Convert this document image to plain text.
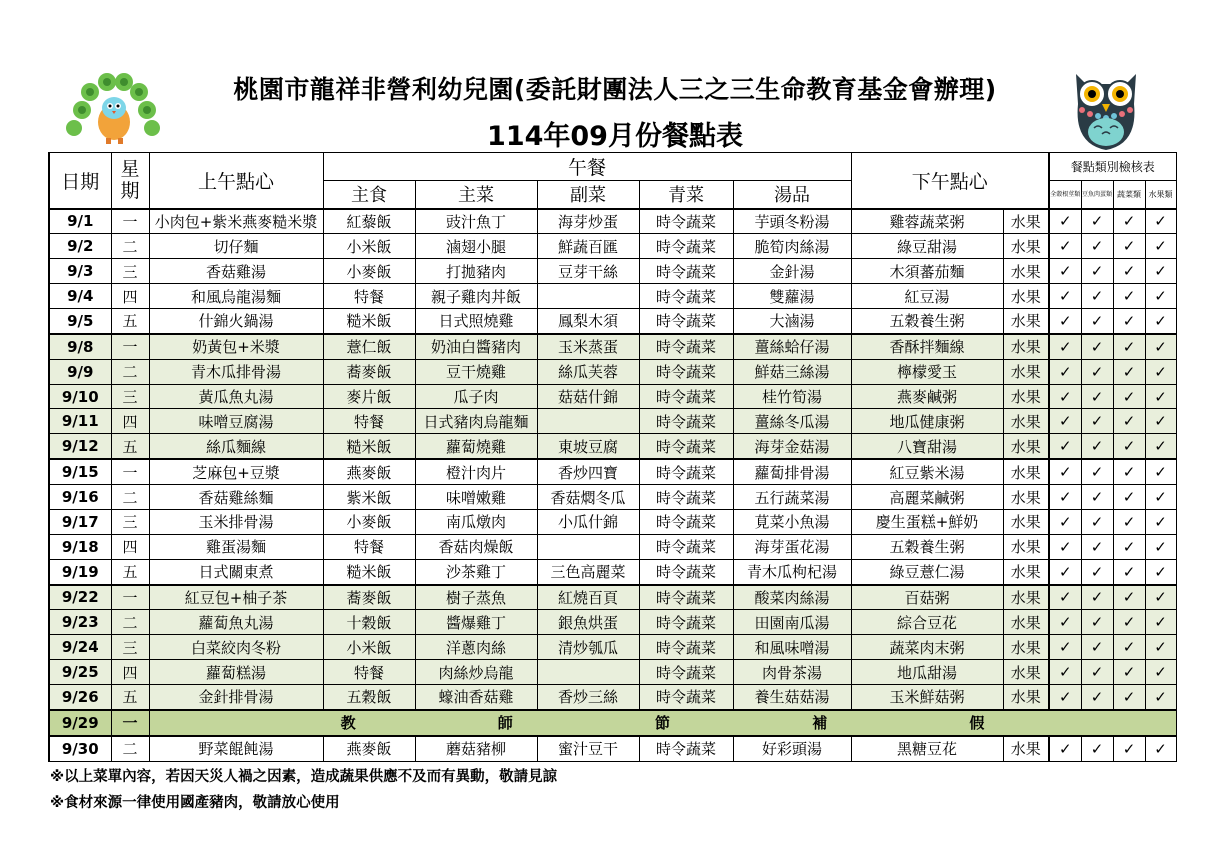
桃園市龍祥非營利幼兒園(委託財團法人三之三生命教育基金會辦理)
114年09月份餐點表
日期	星期	上午點心	午餐					下午點心		餐點類別檢核表			
			主食	主菜	副菜	青菜	湯品			全穀根莖類	豆魚肉蛋類	蔬菜類	水果類
9/1	一	小肉包+紫米燕麥糙米漿	紅藜飯	豉汁魚丁	海芽炒蛋	時令蔬菜	芋頭冬粉湯	雞蓉蔬菜粥	水果	✓	✓	✓	✓
9/2	二	切仔麵	小米飯	滷翅小腿	鮮蔬百匯	時令蔬菜	脆筍肉絲湯	綠豆甜湯	水果	✓	✓	✓	✓
9/3	三	香菇雞湯	小麥飯	打拋豬肉	豆芽干絲	時令蔬菜	金針湯	木須蕃茄麵	水果	✓	✓	✓	✓
9/4	四	和風烏龍湯麵	特餐	親子雞肉丼飯		時令蔬菜	雙蘿湯	紅豆湯	水果	✓	✓	✓	✓
9/5	五	什錦火鍋湯	糙米飯	日式照燒雞	鳳梨木須	時令蔬菜	大滷湯	五穀養生粥	水果	✓	✓	✓	✓
9/8	一	奶黃包+米漿	薏仁飯	奶油白醬豬肉	玉米蒸蛋	時令蔬菜	薑絲蛤仔湯	香酥拌麵線	水果	✓	✓	✓	✓
9/9	二	青木瓜排骨湯	蕎麥飯	豆干燒雞	絲瓜芙蓉	時令蔬菜	鮮菇三絲湯	檸檬愛玉	水果	✓	✓	✓	✓
9/10	三	黃瓜魚丸湯	麥片飯	瓜子肉	菇菇什錦	時令蔬菜	桂竹筍湯	燕麥鹹粥	水果	✓	✓	✓	✓
9/11	四	味噌豆腐湯	特餐	日式豬肉烏龍麵		時令蔬菜	薑絲冬瓜湯	地瓜健康粥	水果	✓	✓	✓	✓
9/12	五	絲瓜麵線	糙米飯	蘿蔔燒雞	東坡豆腐	時令蔬菜	海芽金菇湯	八寶甜湯	水果	✓	✓	✓	✓
9/15	一	芝麻包+豆漿	燕麥飯	橙汁肉片	香炒四寶	時令蔬菜	蘿蔔排骨湯	紅豆紫米湯	水果	✓	✓	✓	✓
9/16	二	香菇雞絲麵	紫米飯	味噌嫩雞	香菇燜冬瓜	時令蔬菜	五行蔬菜湯	高麗菜鹹粥	水果	✓	✓	✓	✓
9/17	三	玉米排骨湯	小麥飯	南瓜燉肉	小瓜什錦	時令蔬菜	莧菜小魚湯	慶生蛋糕+鮮奶	水果	✓	✓	✓	✓
9/18	四	雞蛋湯麵	特餐	香菇肉燥飯		時令蔬菜	海芽蛋花湯	五穀養生粥	水果	✓	✓	✓	✓
9/19	五	日式關東煮	糙米飯	沙茶雞丁	三色高麗菜	時令蔬菜	青木瓜枸杞湯	綠豆薏仁湯	水果	✓	✓	✓	✓
9/22	一	紅豆包+柚子茶	蕎麥飯	樹子蒸魚	紅燒百頁	時令蔬菜	酸菜肉絲湯	百菇粥	水果	✓	✓	✓	✓
9/23	二	蘿蔔魚丸湯	十穀飯	醬爆雞丁	銀魚烘蛋	時令蔬菜	田園南瓜湯	綜合豆花	水果	✓	✓	✓	✓
9/24	三	白菜絞肉冬粉	小米飯	洋蔥肉絲	清炒瓠瓜	時令蔬菜	和風味噌湯	蔬菜肉末粥	水果	✓	✓	✓	✓
9/25	四	蘿蔔糕湯	特餐	肉絲炒烏龍		時令蔬菜	肉骨茶湯	地瓜甜湯	水果	✓	✓	✓	✓
9/26	五	金針排骨湯	五穀飯	蠔油香菇雞	香炒三絲	時令蔬菜	養生菇菇湯	玉米鮮菇粥	水果	✓	✓	✓	✓
9/29	一	教 師 節 補 假											

9/30	二	野菜餛飩湯	燕麥飯	蘑菇豬柳	蜜汁豆干	時令蔬菜	好彩頭湯	黑糖豆花	水果	✓	✓	✓	✓
※以上菜單內容，若因天災人禍之因素，造成蔬果供應不及而有異動，敬請見諒
※食材來源一律使用國產豬肉，敬請放心使用
